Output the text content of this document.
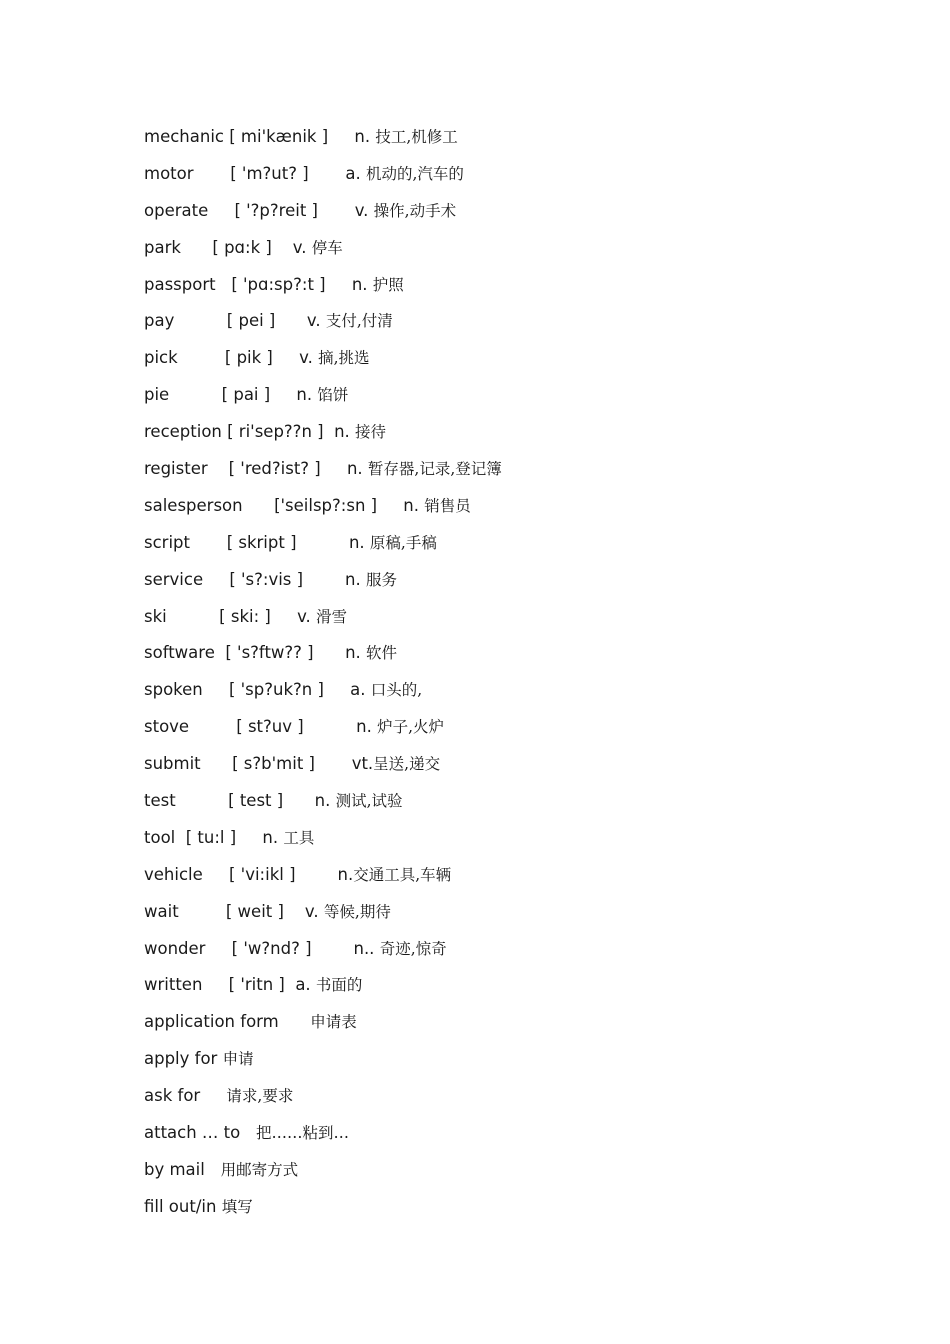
mechanic [ mi'kænik ]     n. 技工,机修工
motor       [ 'm?ut? ]       a. 机动的,汽车的
operate     [ '?p?reit ]       v. 操作,动手术
park      [ pɑ:k ]    v. 停车
passport   [ 'pɑ:sp?:t ]     n. 护照
pay          [ pei ]      v. 支付,付清
pick         [ pik ]     v. 摘,挑选
pie          [ pai ]     n. 馅饼
reception [ ri'sep??n ]  n. 接待
register    [ 'red?ist? ]     n. 暂存器,记录,登记簿
salesperson      ['seilsp?:sn ]     n. 销售员
script       [ skript ]          n. 原稿,手稿
service     [ 's?:vis ]        n. 服务
ski          [ ski: ]     v. 滑雪
software  [ 's?ftw?? ]      n. 软件
spoken     [ 'sp?uk?n ]     a. 口头的,
stove         [ st?uv ]          n. 炉子,火炉
submit      [ s?b'mit ]       vt.呈送,递交
test          [ test ]      n. 测试,试验
tool  [ tu:l ]     n. 工具
vehicle     [ 'vi:ikl ]        n.交通工具,车辆
wait         [ weit ]    v. 等候,期待
wonder     [ 'w?nd? ]        n.. 奇迹,惊奇
written     [ 'ritn ]  a. 书面的
application form      申请表
apply for 申请
ask for     请求,要求
attach … to   把……粘到…
by mail   用邮寄方式
fill out/in 填写
